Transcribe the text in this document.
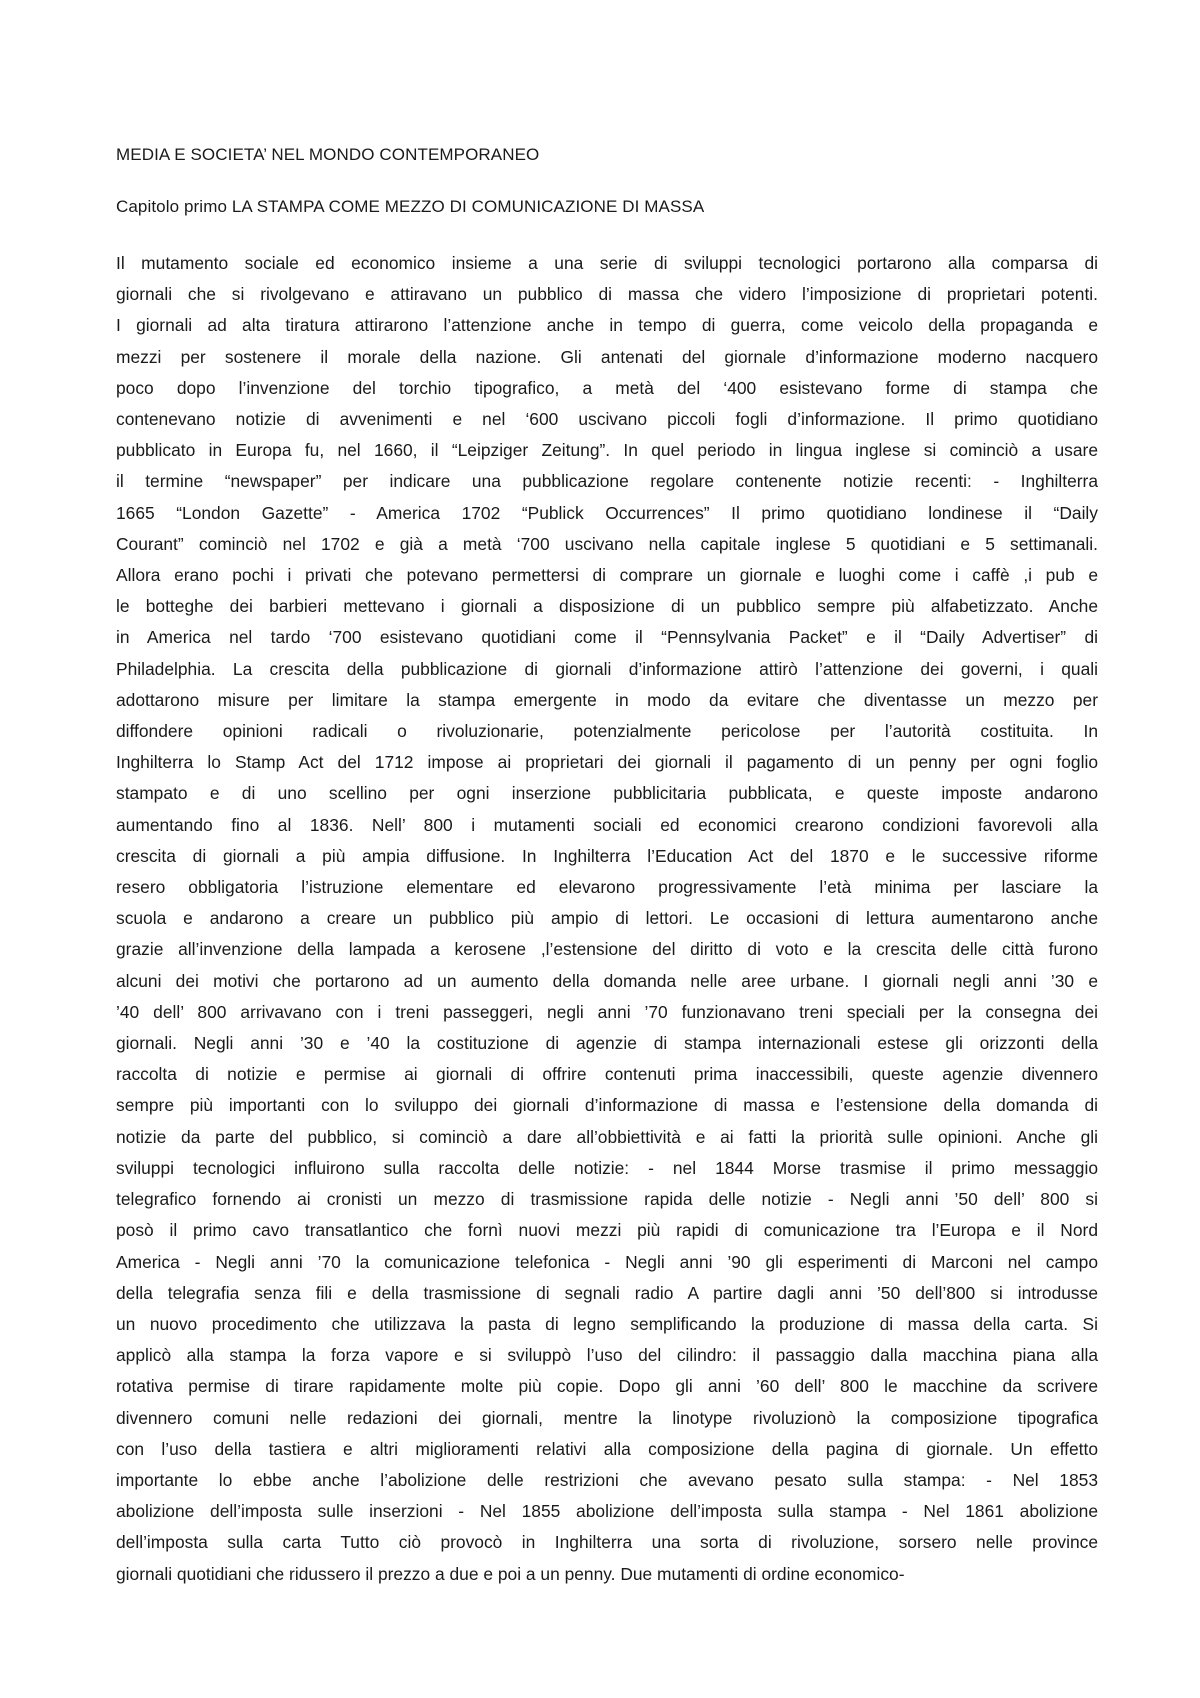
MEDIA E SOCIETA’ NEL MONDO CONTEMPORANEO

Capitolo primo LA STAMPA COME MEZZO DI COMUNICAZIONE DI MASSA

Il mutamento sociale ed economico insieme a una serie di sviluppi tecnologici portarono alla comparsa di
giornali che si rivolgevano e attiravano un pubblico di massa che videro l’imposizione di proprietari potenti.
I giornali ad alta tiratura attirarono l’attenzione anche in tempo di guerra, come veicolo della propaganda e
mezzi per sostenere il morale della nazione. Gli antenati del giornale d’informazione moderno nacquero
poco dopo l’invenzione del torchio tipografico, a metà del ‘400 esistevano forme di stampa che
contenevano notizie di avvenimenti e nel ‘600 uscivano piccoli fogli d’informazione. Il primo quotidiano
pubblicato in Europa fu, nel 1660, il “Leipziger Zeitung”. In quel periodo in lingua inglese si cominciò a usare
il termine “newspaper” per indicare una pubblicazione regolare contenente notizie recenti: - Inghilterra
1665 “London Gazette” - America 1702 “Publick Occurrences” Il primo quotidiano londinese il “Daily
Courant” cominciò nel 1702 e già a metà ‘700 uscivano nella capitale inglese 5 quotidiani e 5 settimanali.
Allora erano pochi i privati che potevano permettersi di comprare un giornale e luoghi come i caffè ,i pub e
le botteghe dei barbieri mettevano i giornali a disposizione di un pubblico sempre più alfabetizzato. Anche
in America nel tardo ‘700 esistevano quotidiani come il “Pennsylvania Packet” e il “Daily Advertiser” di
Philadelphia. La crescita della pubblicazione di giornali d’informazione attirò l’attenzione dei governi, i quali
adottarono misure per limitare la stampa emergente in modo da evitare che diventasse un mezzo per
diffondere opinioni radicali o rivoluzionarie, potenzialmente pericolose per l’autorità costituita. In
Inghilterra lo Stamp Act del 1712 impose ai proprietari dei giornali il pagamento di un penny per ogni foglio
stampato e di uno scellino per ogni inserzione pubblicitaria pubblicata, e queste imposte andarono
aumentando fino al 1836. Nell’ 800 i mutamenti sociali ed economici crearono condizioni favorevoli alla
crescita di giornali a più ampia diffusione. In Inghilterra l’Education Act del 1870 e le successive riforme
resero obbligatoria l’istruzione elementare ed elevarono progressivamente l’età minima per lasciare la
scuola e andarono a creare un pubblico più ampio di lettori. Le occasioni di lettura aumentarono anche
grazie all’invenzione della lampada a kerosene ,l’estensione del diritto di voto e la crescita delle città furono
alcuni dei motivi che portarono ad un aumento della domanda nelle aree urbane. I giornali negli anni ’30 e
’40 dell’ 800 arrivavano con i treni passeggeri, negli anni ’70 funzionavano treni speciali per la consegna dei
giornali. Negli anni ’30 e ’40 la costituzione di agenzie di stampa internazionali estese gli orizzonti della
raccolta di notizie e permise ai giornali di offrire contenuti prima inaccessibili, queste agenzie divennero
sempre più importanti con lo sviluppo dei giornali d’informazione di massa e l’estensione della domanda di
notizie da parte del pubblico, si cominciò a dare all’obbiettività e ai fatti la priorità sulle opinioni. Anche gli
sviluppi tecnologici influirono sulla raccolta delle notizie: - nel 1844 Morse trasmise il primo messaggio
telegrafico fornendo ai cronisti un mezzo di trasmissione rapida delle notizie - Negli anni ’50 dell’ 800 si
posò il primo cavo transatlantico che fornì nuovi mezzi più rapidi di comunicazione tra l’Europa e il Nord
America - Negli anni ’70 la comunicazione telefonica - Negli anni ’90 gli esperimenti di Marconi nel campo
della telegrafia senza fili e della trasmissione di segnali radio A partire dagli anni ’50 dell’800 si introdusse
un nuovo procedimento che utilizzava la pasta di legno semplificando la produzione di massa della carta. Si
applicò alla stampa la forza vapore e si sviluppò l’uso del cilindro: il passaggio dalla macchina piana alla
rotativa permise di tirare rapidamente molte più copie. Dopo gli anni ’60 dell’ 800 le macchine da scrivere
divennero comuni nelle redazioni dei giornali, mentre la linotype rivoluzionò la composizione tipografica
con l’uso della tastiera e altri miglioramenti relativi alla composizione della pagina di giornale. Un effetto
importante lo ebbe anche l’abolizione delle restrizioni che avevano pesato sulla stampa: - Nel 1853
abolizione dell’imposta sulle inserzioni - Nel 1855 abolizione dell’imposta sulla stampa - Nel 1861 abolizione
dell’imposta sulla carta Tutto ciò provocò in Inghilterra una sorta di rivoluzione, sorsero nelle province
giornali quotidiani che ridussero il prezzo a due e poi a un penny. Due mutamenti di ordine economico-
